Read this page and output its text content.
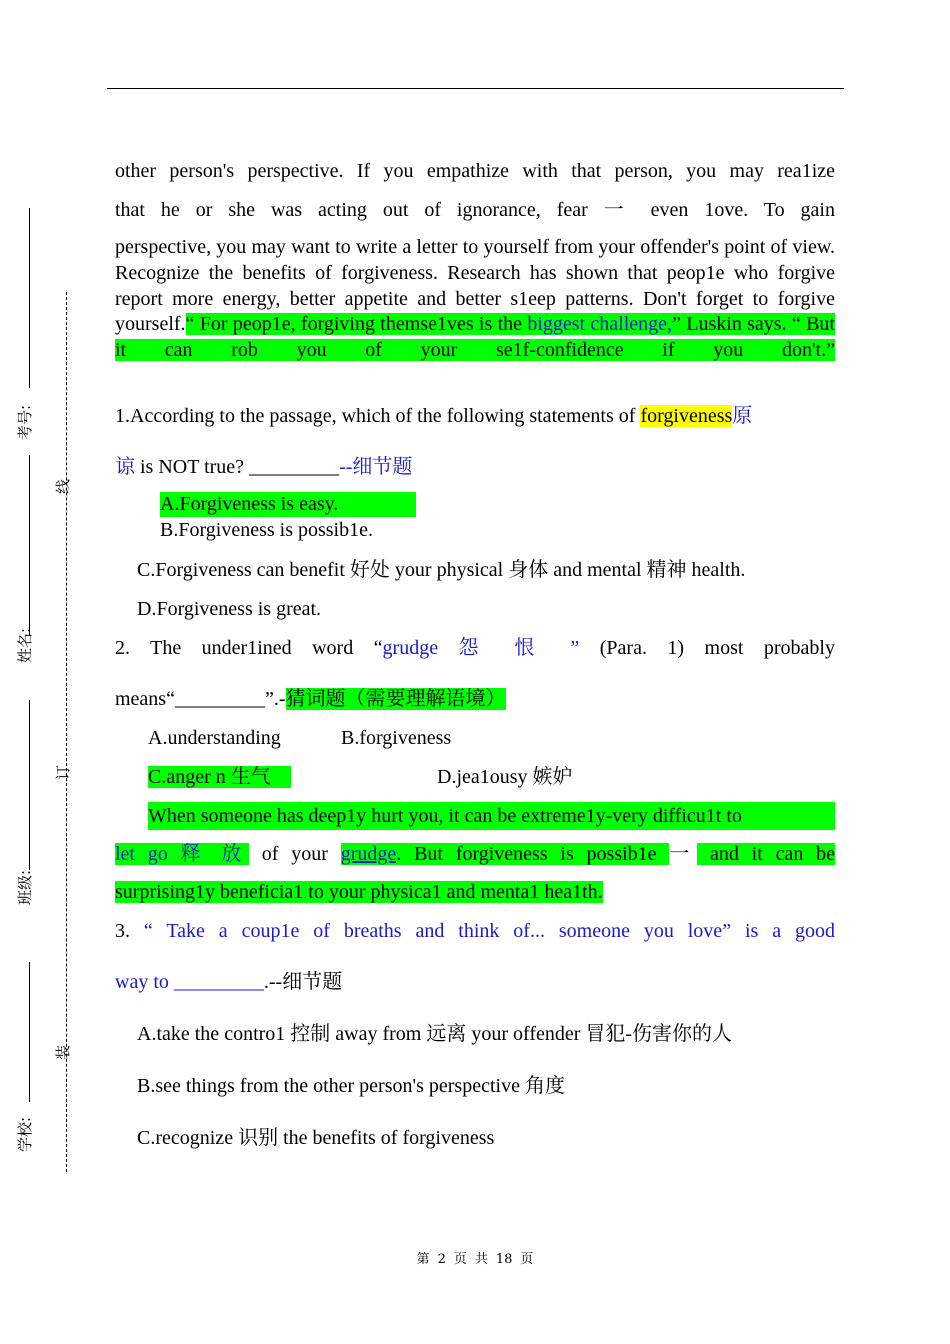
考号:
姓名:
班级:
学校:
线
订
装
other person's perspective. If you empathize with that person, you may rea1ize
that he or she was acting out of ignorance, fear 一 even 1ove. To gain
perspective, you may want to write a letter to yourself from your offender's point of view. Recognize the benefits of forgiveness. Research has shown that peop1e who forgive report more energy, better appetite and better s1eep patterns. Don't forget to forgive yourself.“ For peop1e, forgiving themse1ves is the biggest challenge,” Luskin says. “ But it can rob you of your se1f-confidence if you don't.”
1.According to the passage, which of the following statements of forgiveness原
谅 is NOT true? _________--细节题
A.Forgiveness is easy.
B.Forgiveness is possib1e.
C.Forgiveness can benefit 好处 your physical 身体 and mental 精神 health.
D.Forgiveness is great.
2. The under1ined word “grudge 怨 恨 ” (Para. 1) most probably
means“_________”.-猜词题（需要理解语境）
A.understanding	B.forgiveness
C.anger n 生气	D.jea1ousy 嫉妒
When someone has deep1y hurt you, it can be extreme1y-very difficu1t to
let go 释 放 of your grudge. But forgiveness is possib1e 一 and it can be
surprising1y beneficia1 to your physica1 and menta1 hea1th.
3. “ Take a coup1e of breaths and think of... someone you love” is a good
way to _________.--细节题
A.take the contro1 控制 away from 远离 your offender 冒犯-伤害你的人
B.see things from the other person's perspective 角度
C.recognize 识别 the benefits of forgiveness
第 2 页 共 18 页
